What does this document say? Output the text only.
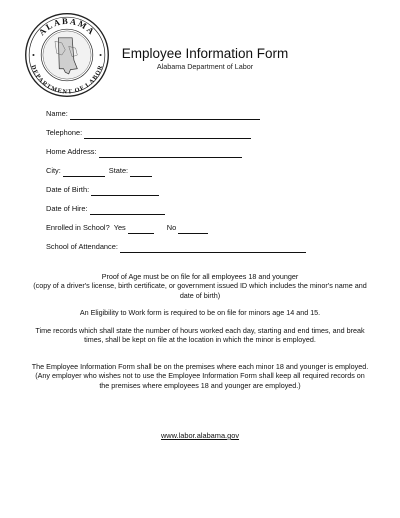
ALABAMA
DEPARTMENT OF LABOR
Employee Information Form
Alabama Department of Labor
Name:
Telephone:
Home Address:
City:	State:
Date of Birth:
Date of Hire:
Enrolled in School? Yes	No
School of Attendance:
Proof of Age must be on file for all employees 18 and younger
(copy of a driver's license, birth certificate, or government issued ID which includes the minor's name and date of birth)
An Eligibility to Work form is required to be on file for minors age 14 and 15.
Time records which shall state the number of hours worked each day, starting and end times, and break times, shall be kept on file at the location in which the minor is employed.
The Employee Information Form shall be on the premises where each minor 18 and younger is employed.
(Any employer who wishes not to use the Employee Information Form shall keep all required records on the premises where employees 18 and younger are employed.)
www.labor.alabama.gov
